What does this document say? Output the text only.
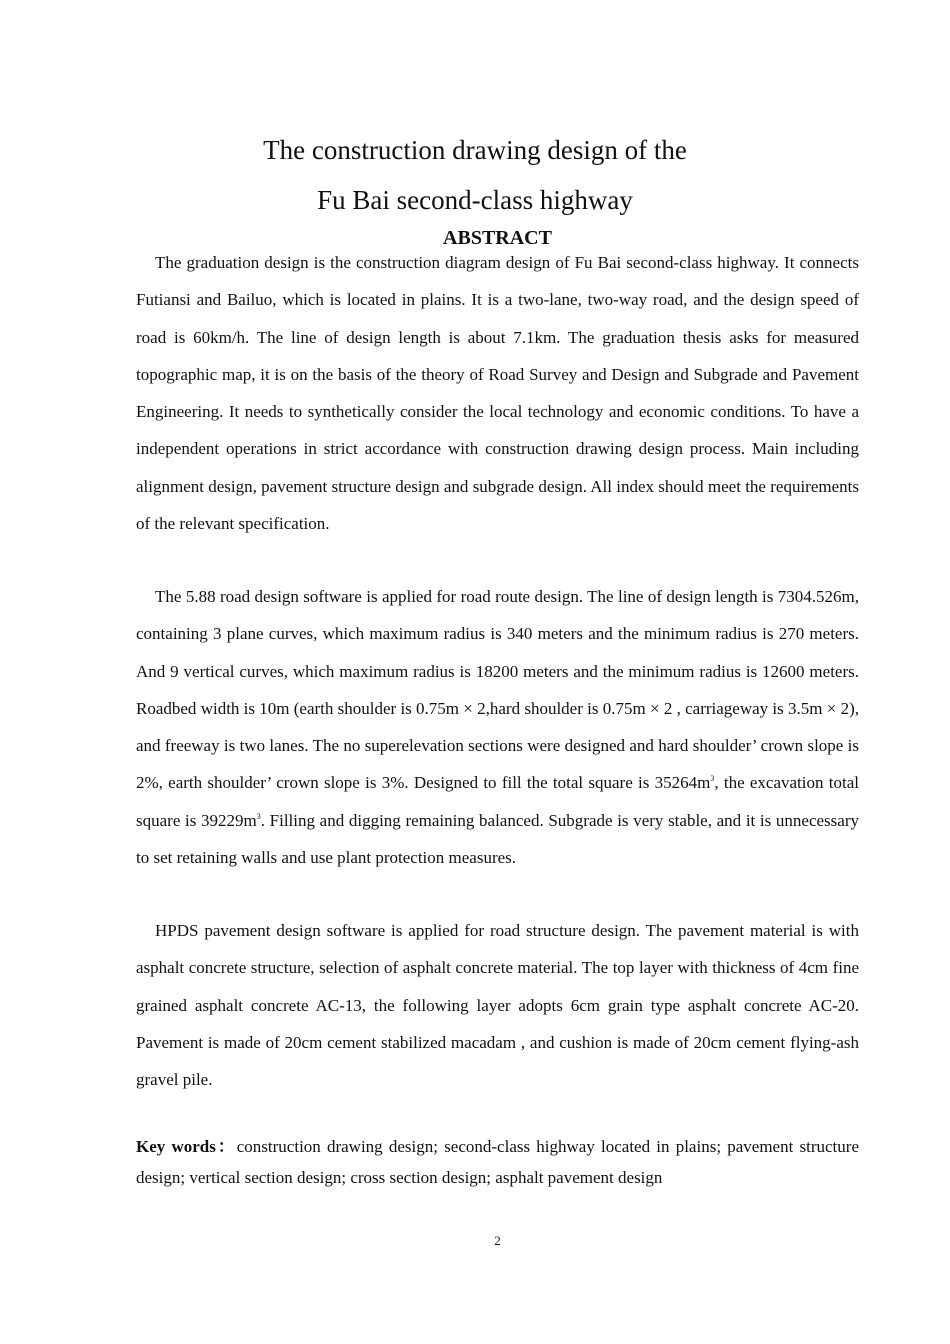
The construction drawing design of the
Fu Bai second-class highway
ABSTRACT

The graduation design is the construction diagram design of Fu Bai second-class highway. It connects Futiansi and Bailuo, which is located in plains. It is a two-lane, two-way road, and the design speed of road is 60km/h. The line of design length is about 7.1km. The graduation thesis asks for measured topographic map, it is on the basis of the theory of Road Survey and Design and Subgrade and Pavement Engineering. It needs to synthetically consider the local technology and economic conditions. To have a independent operations in strict accordance with construction drawing design process. Main including alignment design, pavement structure design and subgrade design. All index should meet the requirements of the relevant specification.

The 5.88 road design software is applied for road route design. The line of design length is 7304.526m, containing 3 plane curves, which maximum radius is 340 meters and the minimum radius is 270 meters. And 9 vertical curves, which maximum radius is 18200 meters and the minimum radius is 12600 meters. Roadbed width is 10m (earth shoulder is 0.75m × 2,hard shoulder is 0.75m × 2 , carriageway is 3.5m × 2), and freeway is two lanes. The no superelevation sections were designed and hard shoulder’ crown slope is 2%, earth shoulder’ crown slope is 3%. Designed to fill the total square is $35264m^3$, the excavation total square is $39229m^3$. Filling and digging remaining balanced. Subgrade is very stable, and it is unnecessary to set retaining walls and use plant protection measures.

HPDS pavement design software is applied for road structure design. The pavement material is with asphalt concrete structure, selection of asphalt concrete material. The top layer with thickness of 4cm fine grained asphalt concrete AC-13, the following layer adopts 6cm grain type asphalt concrete AC-20. Pavement is made of 20cm cement stabilized macadam , and cushion is made of 20cm cement flying-ash gravel pile.

Key words：construction drawing design; second-class highway located in plains; pavement structure design; vertical section design; cross section design; asphalt pavement design

2
